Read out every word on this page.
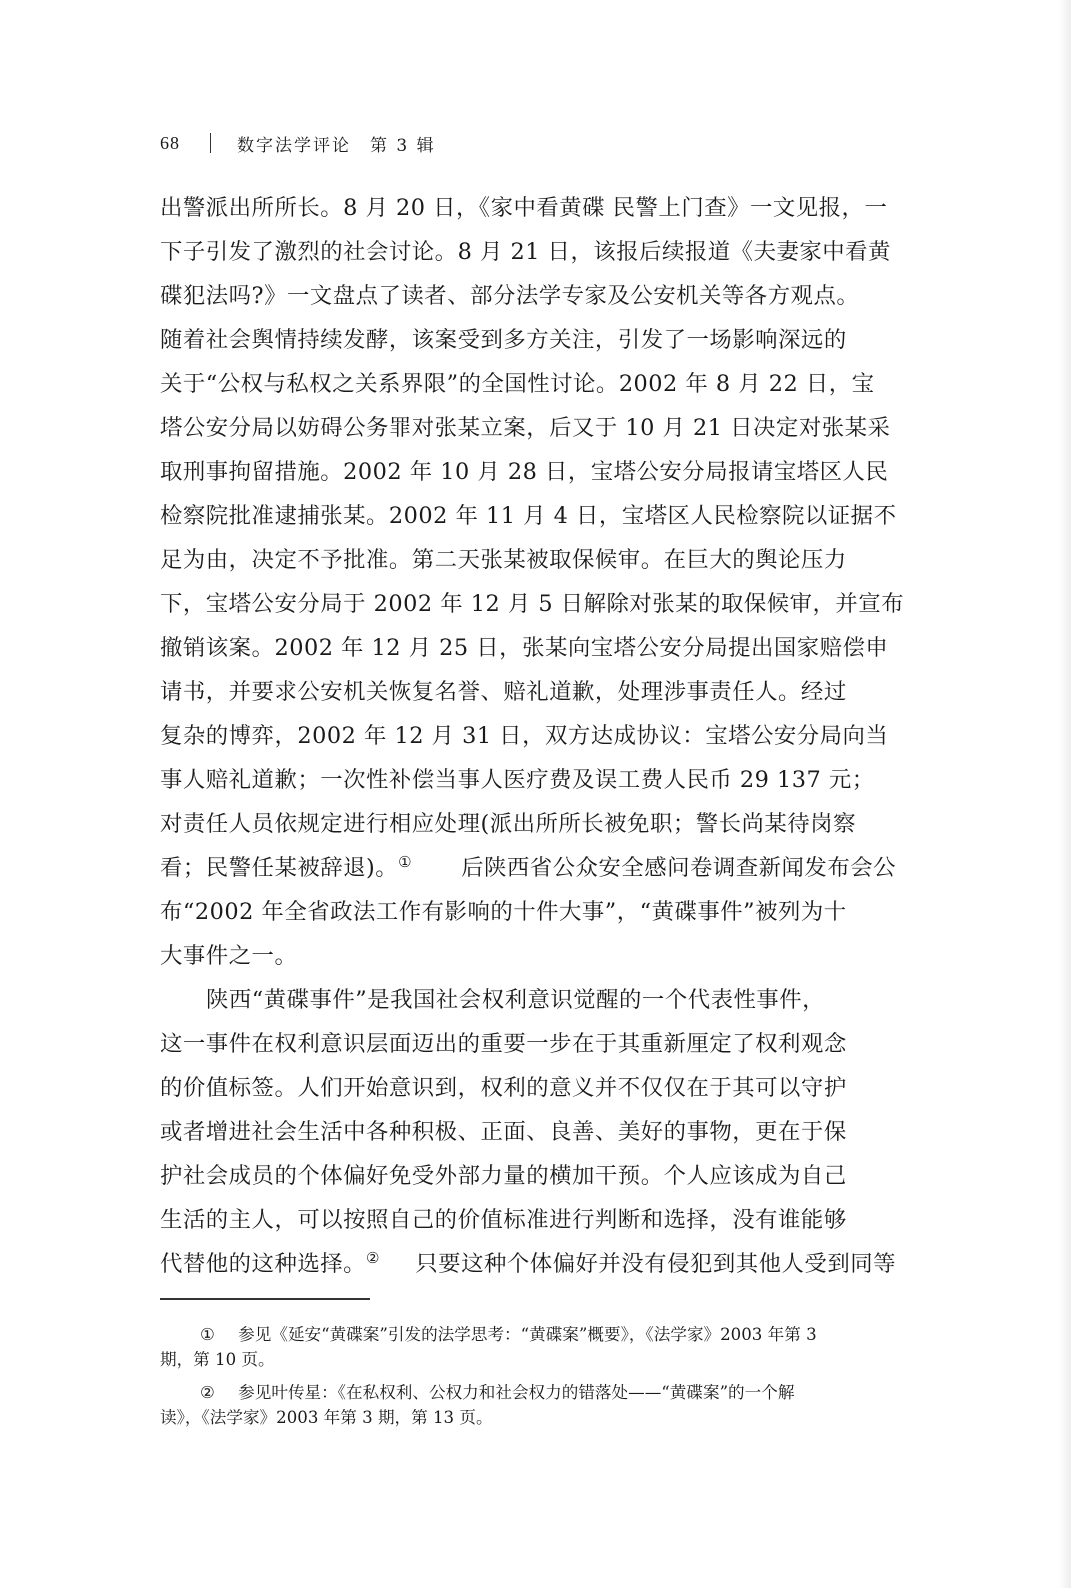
68	数字法学评论　第 3 辑
出警派出所所长。8 月 20 日，《家中看黄碟 民警上门查》一文见报，一
下子引发了激烈的社会讨论。8 月 21 日，该报后续报道《夫妻家中看黄
碟犯法吗?》一文盘点了读者、部分法学专家及公安机关等各方观点。
随着社会舆情持续发酵，该案受到多方关注，引发了一场影响深远的
关于“公权与私权之关系界限”的全国性讨论。2002 年 8 月 22 日，宝
塔公安分局以妨碍公务罪对张某立案，后又于 10 月 21 日决定对张某采
取刑事拘留措施。2002 年 10 月 28 日，宝塔公安分局报请宝塔区人民
检察院批准逮捕张某。2002 年 11 月 4 日，宝塔区人民检察院以证据不
足为由，决定不予批准。第二天张某被取保候审。在巨大的舆论压力
下，宝塔公安分局于 2002 年 12 月 5 日解除对张某的取保候审，并宣布
撤销该案。2002 年 12 月 25 日，张某向宝塔公安分局提出国家赔偿申
请书，并要求公安机关恢复名誉、赔礼道歉，处理涉事责任人。经过
复杂的博弈，2002 年 12 月 31 日，双方达成协议：宝塔公安分局向当
事人赔礼道歉；一次性补偿当事人医疗费及误工费人民币 29 137 元；
对责任人员依规定进行相应处理(派出所所长被免职；警长尚某待岗察
看；民警任某被辞退)。① 后陕西省公众安全感问卷调查新闻发布会公
布“2002 年全省政法工作有影响的十件大事”，“黄碟事件”被列为十
大事件之一。
陕西“黄碟事件”是我国社会权利意识觉醒的一个代表性事件，
这一事件在权利意识层面迈出的重要一步在于其重新厘定了权利观念
的价值标签。人们开始意识到，权利的意义并不仅仅在于其可以守护
或者增进社会生活中各种积极、正面、良善、美好的事物，更在于保
护社会成员的个体偏好免受外部力量的横加干预。个人应该成为自己
生活的主人，可以按照自己的价值标准进行判断和选择，没有谁能够
代替他的这种选择。② 只要这种个体偏好并没有侵犯到其他人受到同等
① 参见《延安“黄碟案”引发的法学思考：“黄碟案”概要》，《法学家》2003 年第 3
期，第 10 页。
② 参见叶传星：《在私权利、公权力和社会权力的错落处——“黄碟案”的一个解
读》，《法学家》2003 年第 3 期，第 13 页。
